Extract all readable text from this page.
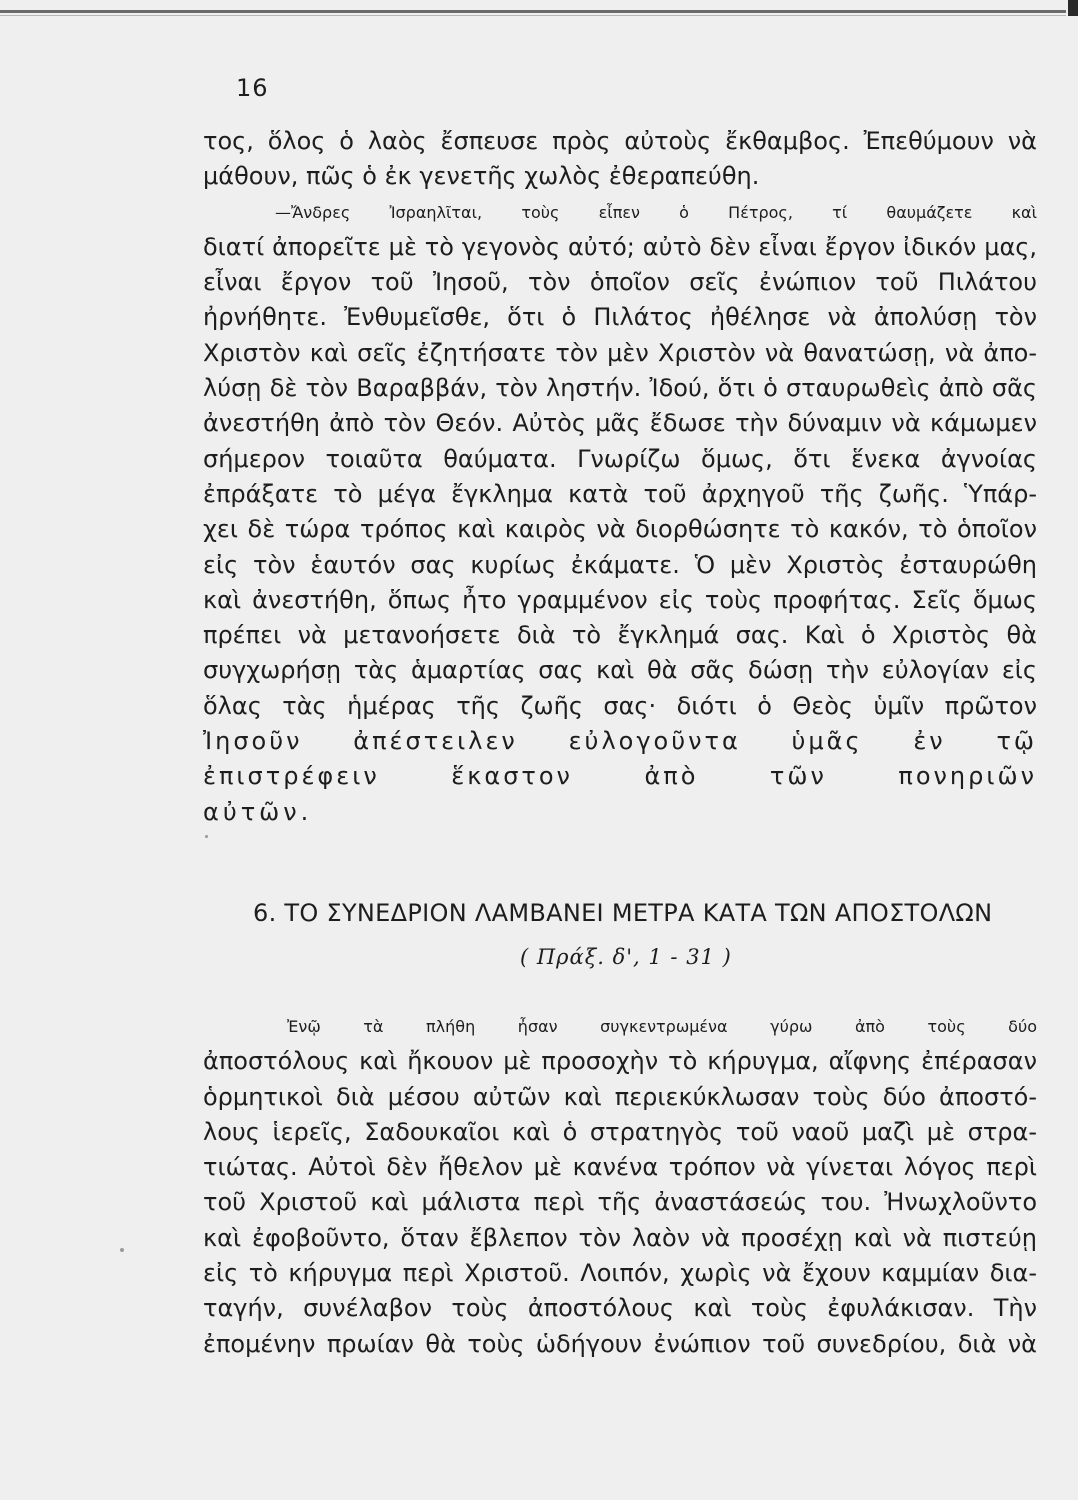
16
τος, ὅλος ὁ λαὸς ἔσπευσε πρὸς αὐτοὺς ἔκθαμβος. Ἐπεθύμουν νὰ
μάθουν, πῶς ὁ ἐκ γενετῆς χωλὸς ἐθεραπεύθη.
—Ἄνδρες Ἰσραηλῖται, τοὺς εἶπεν ὁ Πέτρος, τί θαυμάζετε καὶ
διατί ἀπορεῖτε μὲ τὸ γεγονὸς αὐτό; αὐτὸ δὲν εἶναι ἔργον ἰδικόν μας,
εἶναι ἔργον τοῦ Ἰησοῦ, τὸν ὁποῖον σεῖς ἐνώπιον τοῦ Πιλάτου
ἠρνήθητε. Ἐνθυμεῖσθε, ὅτι ὁ Πιλάτος ἠθέλησε νὰ ἀπολύσῃ τὸν
Χριστὸν καὶ σεῖς ἐζητήσατε τὸν μὲν Χριστὸν νὰ θανατώσῃ, νὰ ἀπο-
λύσῃ δὲ τὸν Βαραββάν, τὸν ληστήν. Ἰδού, ὅτι ὁ σταυρωθεὶς ἀπὸ σᾶς
ἀνεστήθη ἀπὸ τὸν Θεόν. Αὐτὸς μᾶς ἔδωσε τὴν δύναμιν νὰ κάμωμεν
σήμερον τοιαῦτα θαύματα. Γνωρίζω ὅμως, ὅτι ἕνεκα ἀγνοίας
ἐπράξατε τὸ μέγα ἔγκλημα κατὰ τοῦ ἀρχηγοῦ τῆς ζωῆς. Ὑπάρ-
χει δὲ τώρα τρόπος καὶ καιρὸς νὰ διορθώσητε τὸ κακόν, τὸ ὁποῖον
εἰς τὸν ἑαυτόν σας κυρίως ἐκάματε. Ὁ μὲν Χριστὸς ἐσταυρώθη
καὶ ἀνεστήθη, ὅπως ἦτο γραμμένον εἰς τοὺς προφήτας. Σεῖς ὅμως
πρέπει νὰ μετανοήσετε διὰ τὸ ἔγκλημά σας. Καὶ ὁ Χριστὸς θὰ
συγχωρήσῃ τὰς ἁμαρτίας σας καὶ θὰ σᾶς δώσῃ τὴν εὐλογίαν εἰς
ὅλας τὰς ἡμέρας τῆς ζωῆς σας· διότι ὁ Θεὸς ὑμῖν πρῶτον
Ἰησοῦν ἀπέστειλεν εὐλογοῦντα ὑμᾶς ἐν τῷ
ἐπιστρέφειν ἕκαστον ἀπὸ τῶν πονηριῶν
αὐτῶν.
6. ΤΟ ΣΥΝΕΔΡΙΟΝ ΛΑΜΒΑΝΕΙ ΜΕΤΡΑ ΚΑΤΑ ΤΩΝ ΑΠΟΣΤΟΛΩΝ
( Πράξ. δ', 1 - 31 )
Ἐνῷ τὰ πλήθη ἦσαν συγκεντρωμένα γύρω ἀπὸ τοὺς δύο
ἀποστόλους καὶ ἤκουον μὲ προσοχὴν τὸ κήρυγμα, αἴφνης ἐπέρασαν
ὁρμητικοὶ διὰ μέσου αὐτῶν καὶ περιεκύκλωσαν τοὺς δύο ἀποστό-
λους ἱερεῖς, Σαδουκαῖοι καὶ ὁ στρατηγὸς τοῦ ναοῦ μαζὶ μὲ στρα-
τιώτας. Αὐτοὶ δὲν ἤθελον μὲ κανένα τρόπον νὰ γίνεται λόγος περὶ
τοῦ Χριστοῦ καὶ μάλιστα περὶ τῆς ἀναστάσεώς του. Ἠνωχλοῦντο
καὶ ἐφοβοῦντο, ὅταν ἔβλεπον τὸν λαὸν νὰ προσέχῃ καὶ νὰ πιστεύῃ
εἰς τὸ κήρυγμα περὶ Χριστοῦ. Λοιπόν, χωρὶς νὰ ἔχουν καμμίαν δια-
ταγήν, συνέλαβον τοὺς ἀποστόλους καὶ τοὺς ἐφυλάκισαν. Τὴν
ἐπομένην πρωίαν θὰ τοὺς ὡδήγουν ἐνώπιον τοῦ συνεδρίου, διὰ νὰ
